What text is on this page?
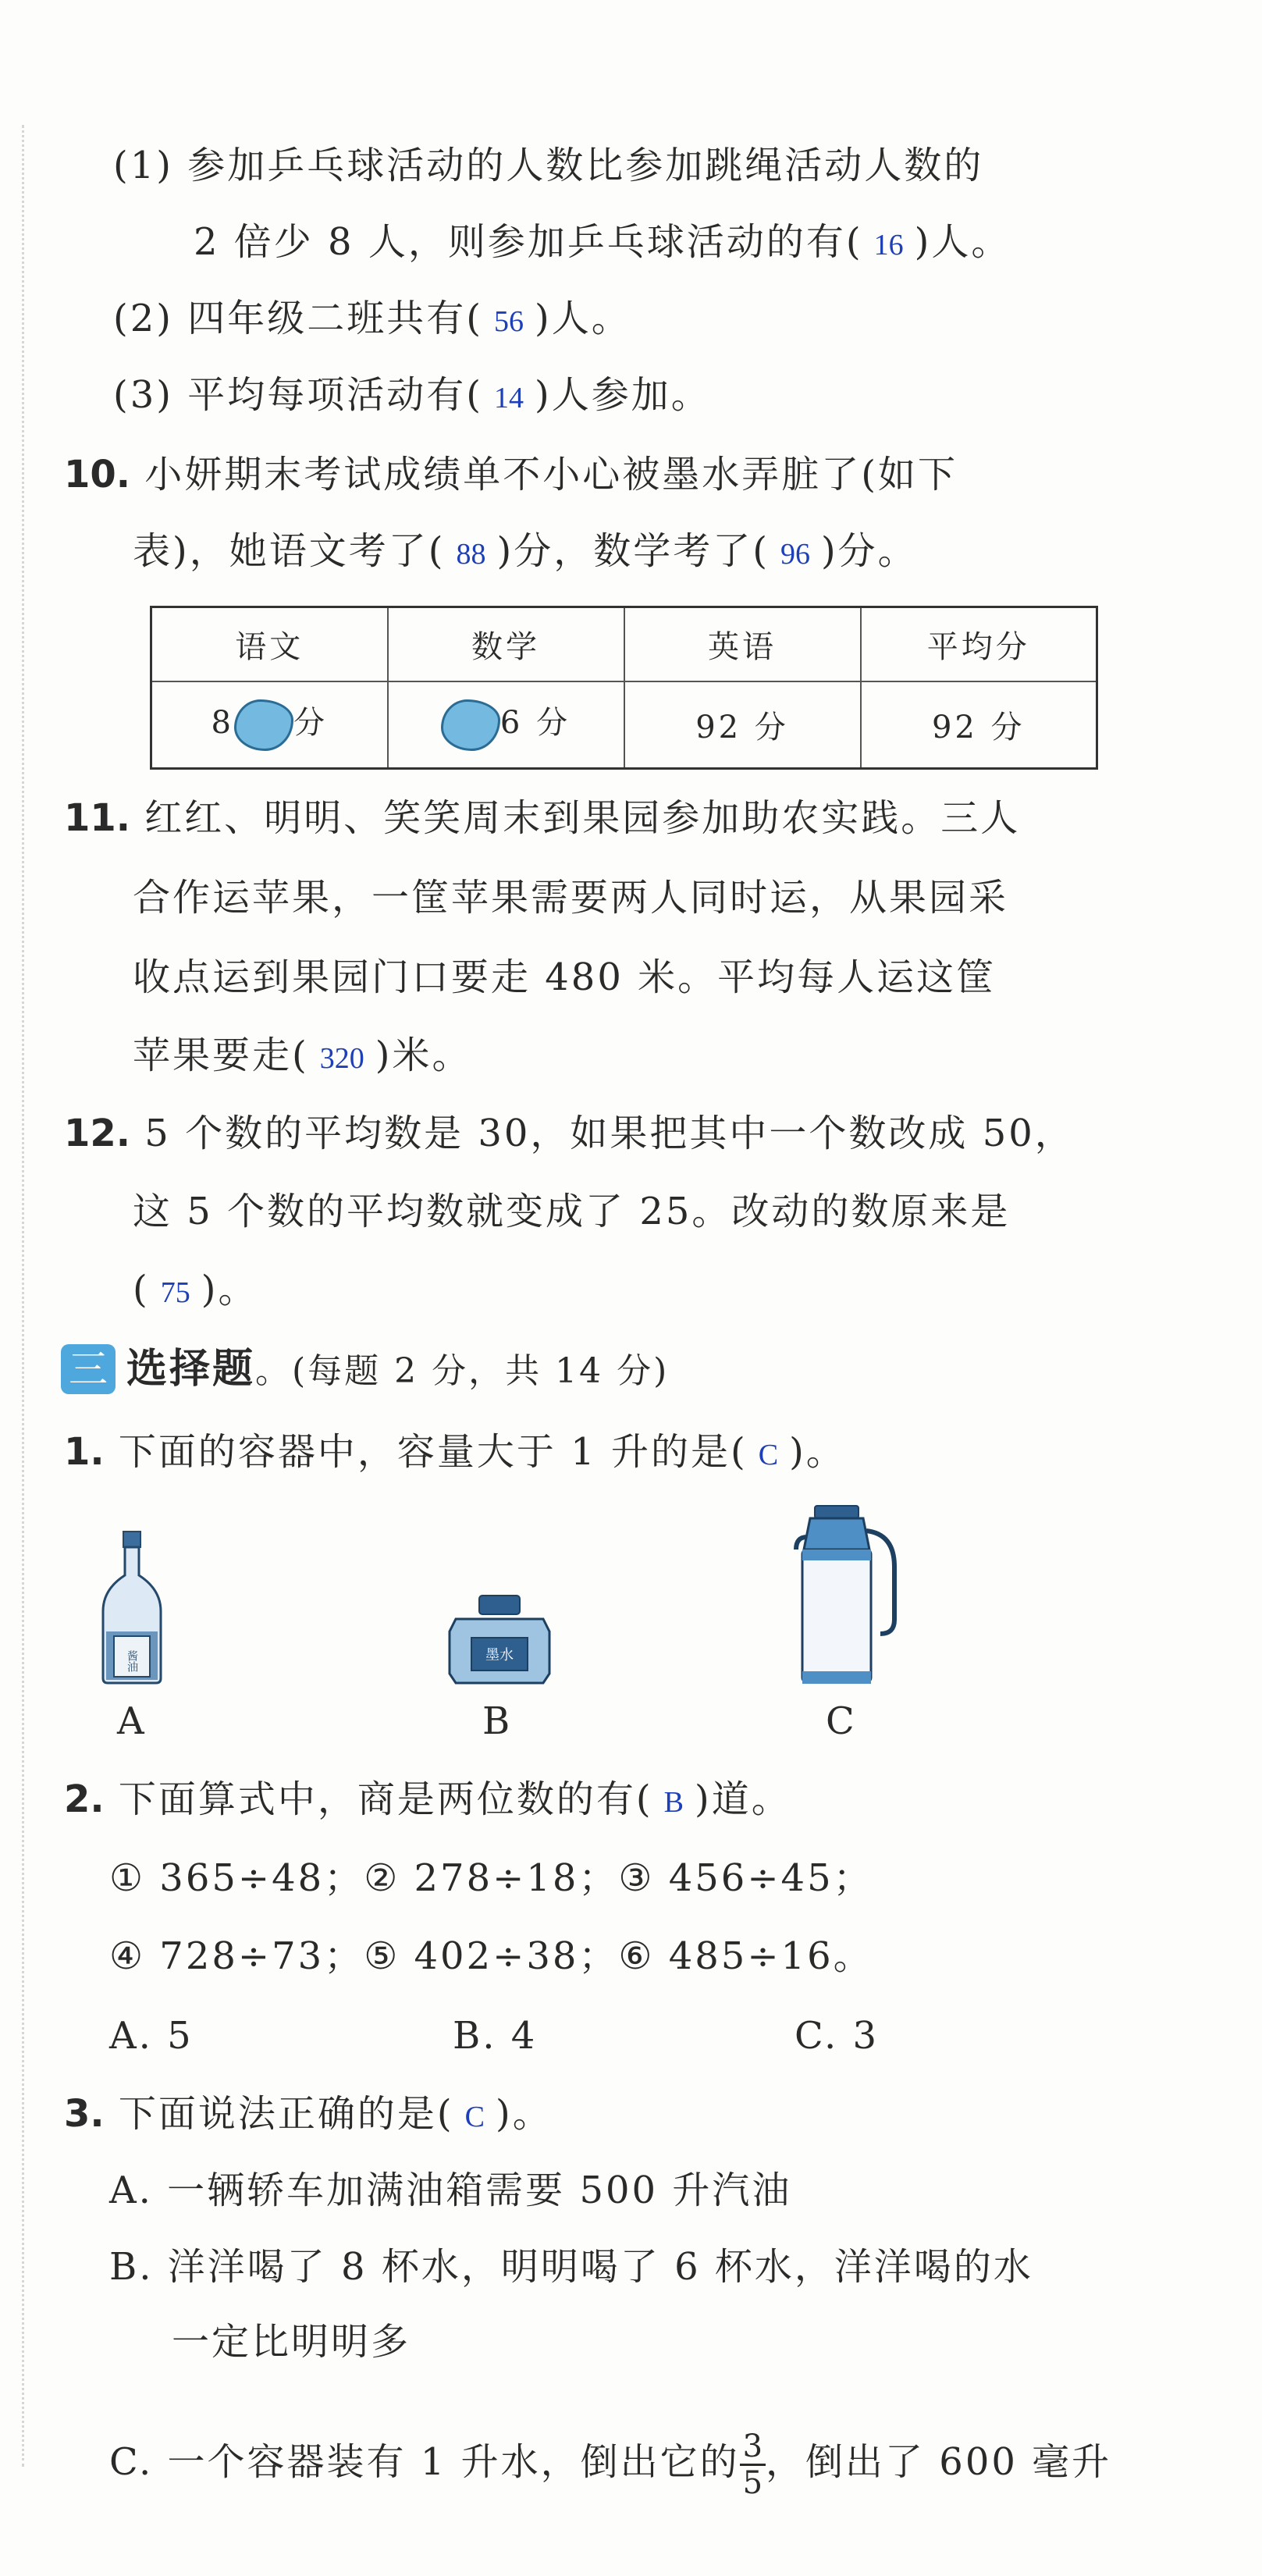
(1) 参加乒乓球活动的人数比参加跳绳活动人数的
2 倍少 8 人，则参加乒乓球活动的有( 16 )人。
(2) 四年级二班共有( 56 )人。
(3) 平均每项活动有( 14 )人参加。
10. 小妍期末考试成绩单不小心被墨水弄脏了(如下
表)，她语文考了( 88 )分，数学考了( 96 )分。
语文	数学	英语	平均分
8 分	6 分	92 分	92 分
11. 红红、明明、笑笑周末到果园参加助农实践。三人
合作运苹果，一筐苹果需要两人同时运，从果园采
收点运到果园门口要走 480 米。平均每人运这筐
苹果要走( 320 )米。
12. 5 个数的平均数是 30，如果把其中一个数改成 50，
这 5 个数的平均数就变成了 25。改动的数原来是
( 75 )。
三 选择题。(每题 2 分，共 14 分)
1. 下面的容器中，容量大于 1 升的是( C )。
酱油
A
墨水
B	C
2. 下面算式中，商是两位数的有( B )道。
① 365÷48；② 278÷18；③ 456÷45；
④ 728÷73；⑤ 402÷38；⑥ 485÷16。
A. 5	B. 4	C. 3
3. 下面说法正确的是( C )。
A. 一辆轿车加满油箱需要 500 升汽油
B. 洋洋喝了 8 杯水，明明喝了 6 杯水，洋洋喝的水
一定比明明多
C. 一个容器装有 1 升水，倒出它的 $\frac{3}{5}$ ，倒出了 600 毫升
